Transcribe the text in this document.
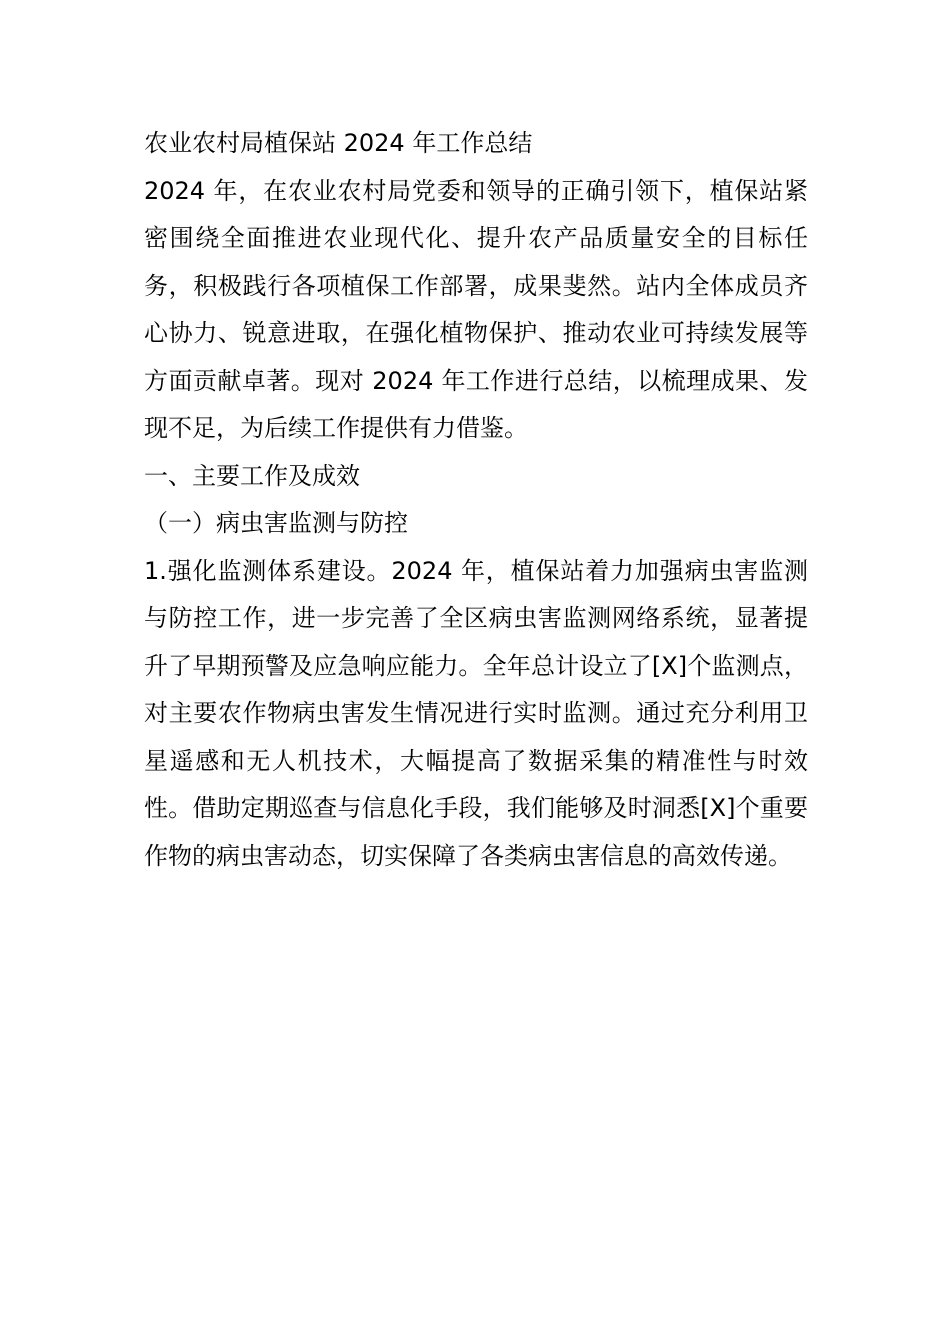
农业农村局植保站 2024 年工作总结

2024 年，在农业农村局党委和领导的正确引领下，植保站紧密围绕全面推进农业现代化、提升农产品质量安全的目标任务，积极践行各项植保工作部署，成果斐然。站内全体成员齐心协力、锐意进取，在强化植物保护、推动农业可持续发展等方面贡献卓著。现对 2024 年工作进行总结，以梳理成果、发现不足，为后续工作提供有力借鉴。

一、主要工作及成效

（一）病虫害监测与防控

1.强化监测体系建设。2024 年，植保站着力加强病虫害监测与防控工作，进一步完善了全区病虫害监测网络系统，显著提升了早期预警及应急响应能力。全年总计设立了[X]个监测点，对主要农作物病虫害发生情况进行实时监测。通过充分利用卫星遥感和无人机技术，大幅提高了数据采集的精准性与时效性。借助定期巡查与信息化手段，我们能够及时洞悉[X]个重要作物的病虫害动态，切实保障了各类病虫害信息的高效传递。
